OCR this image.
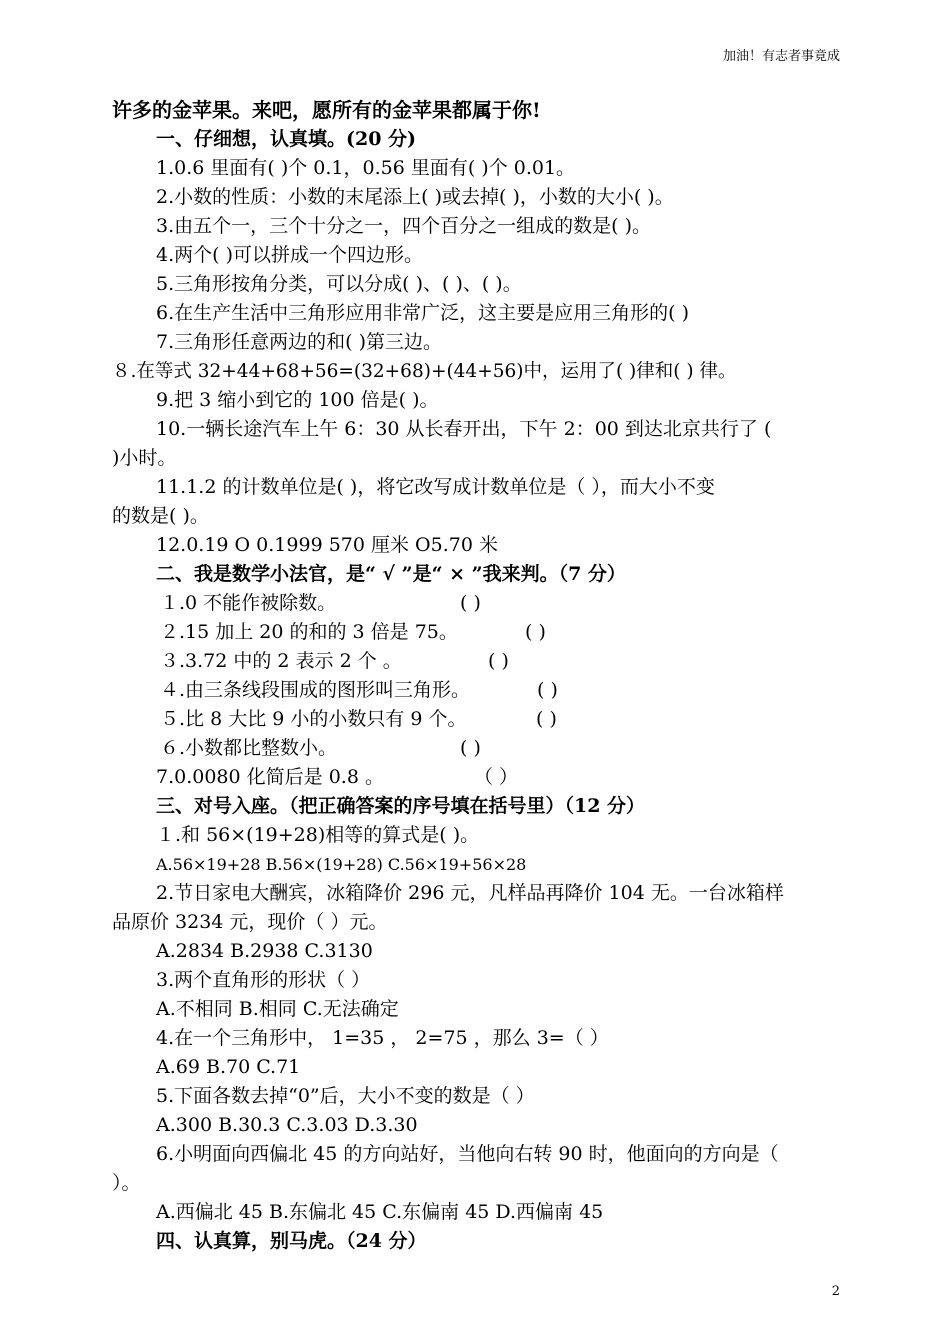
加油！有志者事竟成
许多的金苹果。来吧，愿所有的金苹果都属于你!
一、仔细想，认真填。(20 分)
1.0.6 里面有( )个 0.1，0.56 里面有( )个 0.01。
2.小数的性质：小数的末尾添上( )或去掉( )，小数的大小( )。
3.由五个一，三个十分之一，四个百分之一组成的数是( )。
4.两个( )可以拼成一个四边形。
5.三角形按角分类，可以分成( )、( )、( )。
6.在生产生活中三角形应用非常广泛，这主要是应用三角形的( )
7.三角形任意两边的和( )第三边。
８.在等式 32+44+68+56=(32+68)+(44+56)中，运用了( )律和( ) 律。
9.把 3 缩小到它的 100 倍是( )。
10.一辆长途汽车上午 6：30 从长春开出，下午 2：00 到达北京共行了 (
)小时。
11.1.2 的计数单位是( )，将它改写成计数单位是（ ），而大小不变
的数是( )。
12.0.19 O 0.1999 570 厘米 O5.70 米
二、我是数学小法官，是“ √ ”是“ × ”我来判。（7 分）
１.0 不能作被除数。	( )
２.15 加上 20 的和的 3 倍是 75。	( )
３.3.72 中的 2 表示 2 个 。	( )
４.由三条线段围成的图形叫三角形。	( )
５.比 8 大比 9 小的小数只有 9 个。	( )
６.小数都比整数小。	( )
7.0.0080 化简后是 0.8 。	（ ）
三、对号入座。（把正确答案的序号填在括号里）（12 分）
１.和 56×(19+28)相等的算式是( )。
A.56×19+28 B.56×(19+28) C.56×19+56×28
2.节日家电大酬宾，冰箱降价 296 元，凡样品再降价 104 无。一台冰箱样
品原价 3234 元，现价（ ）元。
A.2834 B.2938 C.3130
3.两个直角形的形状（ ）
A.不相同 B.相同 C.无法确定
4.在一个三角形中， 1=35 ， 2=75 ，那么 3=（ ）
A.69 B.70 C.71
5.下面各数去掉“0”后，大小不变的数是（ ）
A.300 B.30.3 C.3.03 D.3.30
6.小明面向西偏北 45 的方向站好，当他向右转 90 时，他面向的方向是（
）。
A.西偏北 45 B.东偏北 45 C.东偏南 45 D.西偏南 45
四、认真算，别马虎。（24 分）
2
